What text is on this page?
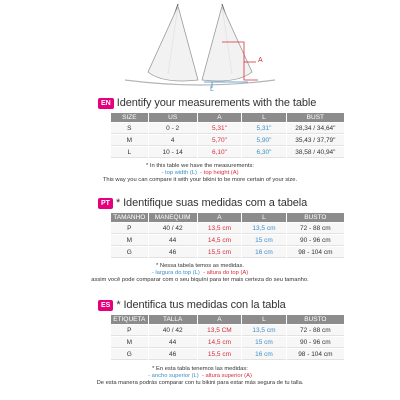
A
L
EN Identify your measurements with the table
SIZE	US	A	L	BUST
S	0 - 2	5,31"	5,31"	28,34 / 34,64"
M	4	5,70"	5,90"	35,43 / 37,79"
L	10 - 14	6,10"	6,30"	38,58 / 40,94"
* In this table we have the measurements:
- top width (L) - top height (A)
This way you can compare it with your bikini to be more certain of your size.
PT * Identifique suas medidas com a tabela
TAMANHO	MANEQUIM	A	L	BUSTO
P	40 / 42	13,5 cm	13,5 cm	72 - 88 cm
M	44	14,5 cm	15 cm	90 - 96 cm
G	46	15,5 cm	16 cm	98 - 104 cm
* Nessa tabela temos as medidas.
- largura do top (L) - altura do top (A)
assim você pode comparar com o seu biquíni para ter mais certeza do seu tamanho.
ES * Identifica tus medidas con la tabla
ETIQUETA	TALLA	A	L	BUSTO
P	40 / 42	13,5 CM	13,5 cm	72 - 88 cm
M	44	14,5 cm	15 cm	90 - 96 cm
G	46	15,5 cm	16 cm	98 - 104 cm
* En esta tabla tenemos las medidas:
- ancho superior (L) - altura superior (A)
De esta manera podrás comparar con tu bikini para estar más segura de tu talla.
